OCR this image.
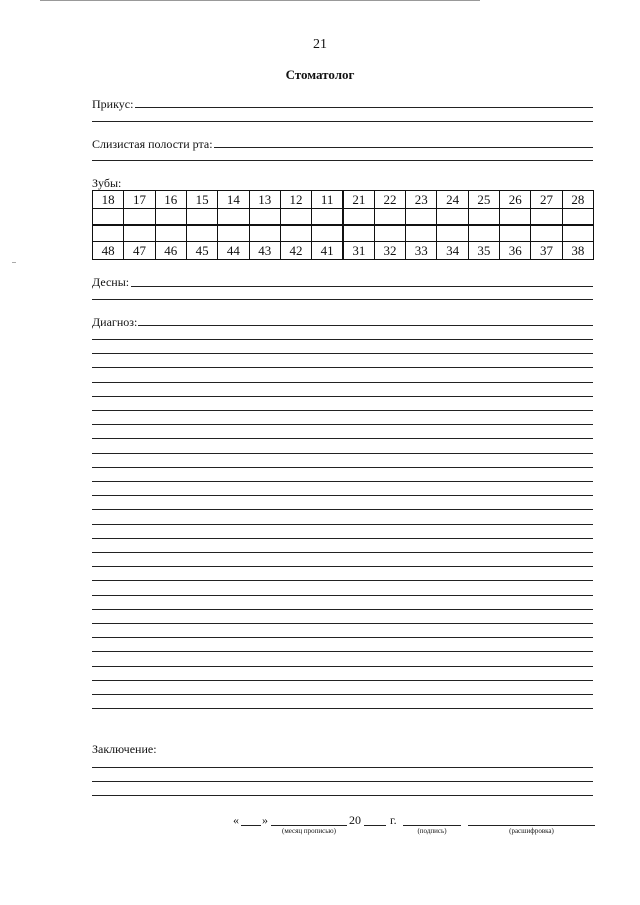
21
Стоматолог
Прикус:
Слизистая полости рта:
Зубы:
18	17	16	15	14	13	12	11	21	22	23	24	25	26	27	28

48	47	46	45	44	43	42	41	31	32	33	34	35	36	37	38
Десны:
Диагноз:
Заключение:
« »	20 г.
(месяц прописью)	(подпись)	(расшифровка)
